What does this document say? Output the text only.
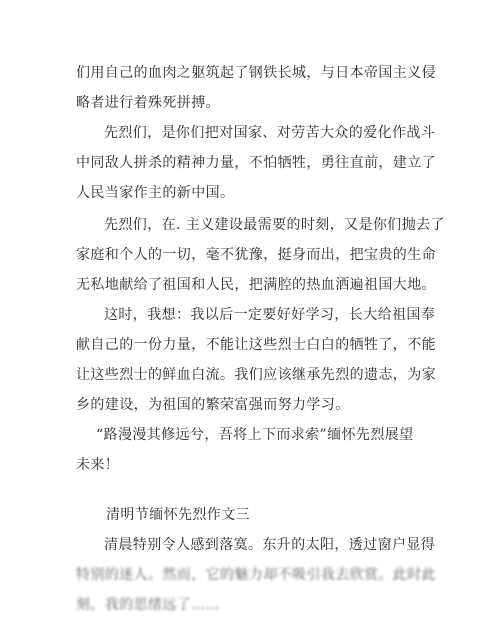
们用自己的血肉之躯筑起了钢铁长城，与日本帝国主义侵
略者进行着殊死拼搏。
先烈们，是你们把对国家、对劳苦大众的爱化作战斗
中同敌人拼杀的精神力量，不怕牺牲，勇往直前，建立了
人民当家作主的新中国。
先烈们，在. 主义建设最需要的时刻，又是你们抛去了
家庭和个人的一切，毫不犹豫，挺身而出，把宝贵的生命
无私地献给了祖国和人民，把满腔的热血洒遍祖国大地。
这时，我想：我以后一定要好好学习，长大给祖国奉
献自己的一份力量，不能让这些烈士白白的牺牲了，不能
让这些烈士的鲜血白流。我们应该继承先烈的遗志，为家
乡的建设，为祖国的繁荣富强而努力学习。
“路漫漫其修远兮，吾将上下而求索”缅怀先烈展望
未来！
清明节缅怀先烈作文三
清晨特别令人感到落寞。东升的太阳，透过窗户显得
特别的迷人。然而，它的魅力却不吸引我去欣赏。此时此
刻，我的思绪远了……
